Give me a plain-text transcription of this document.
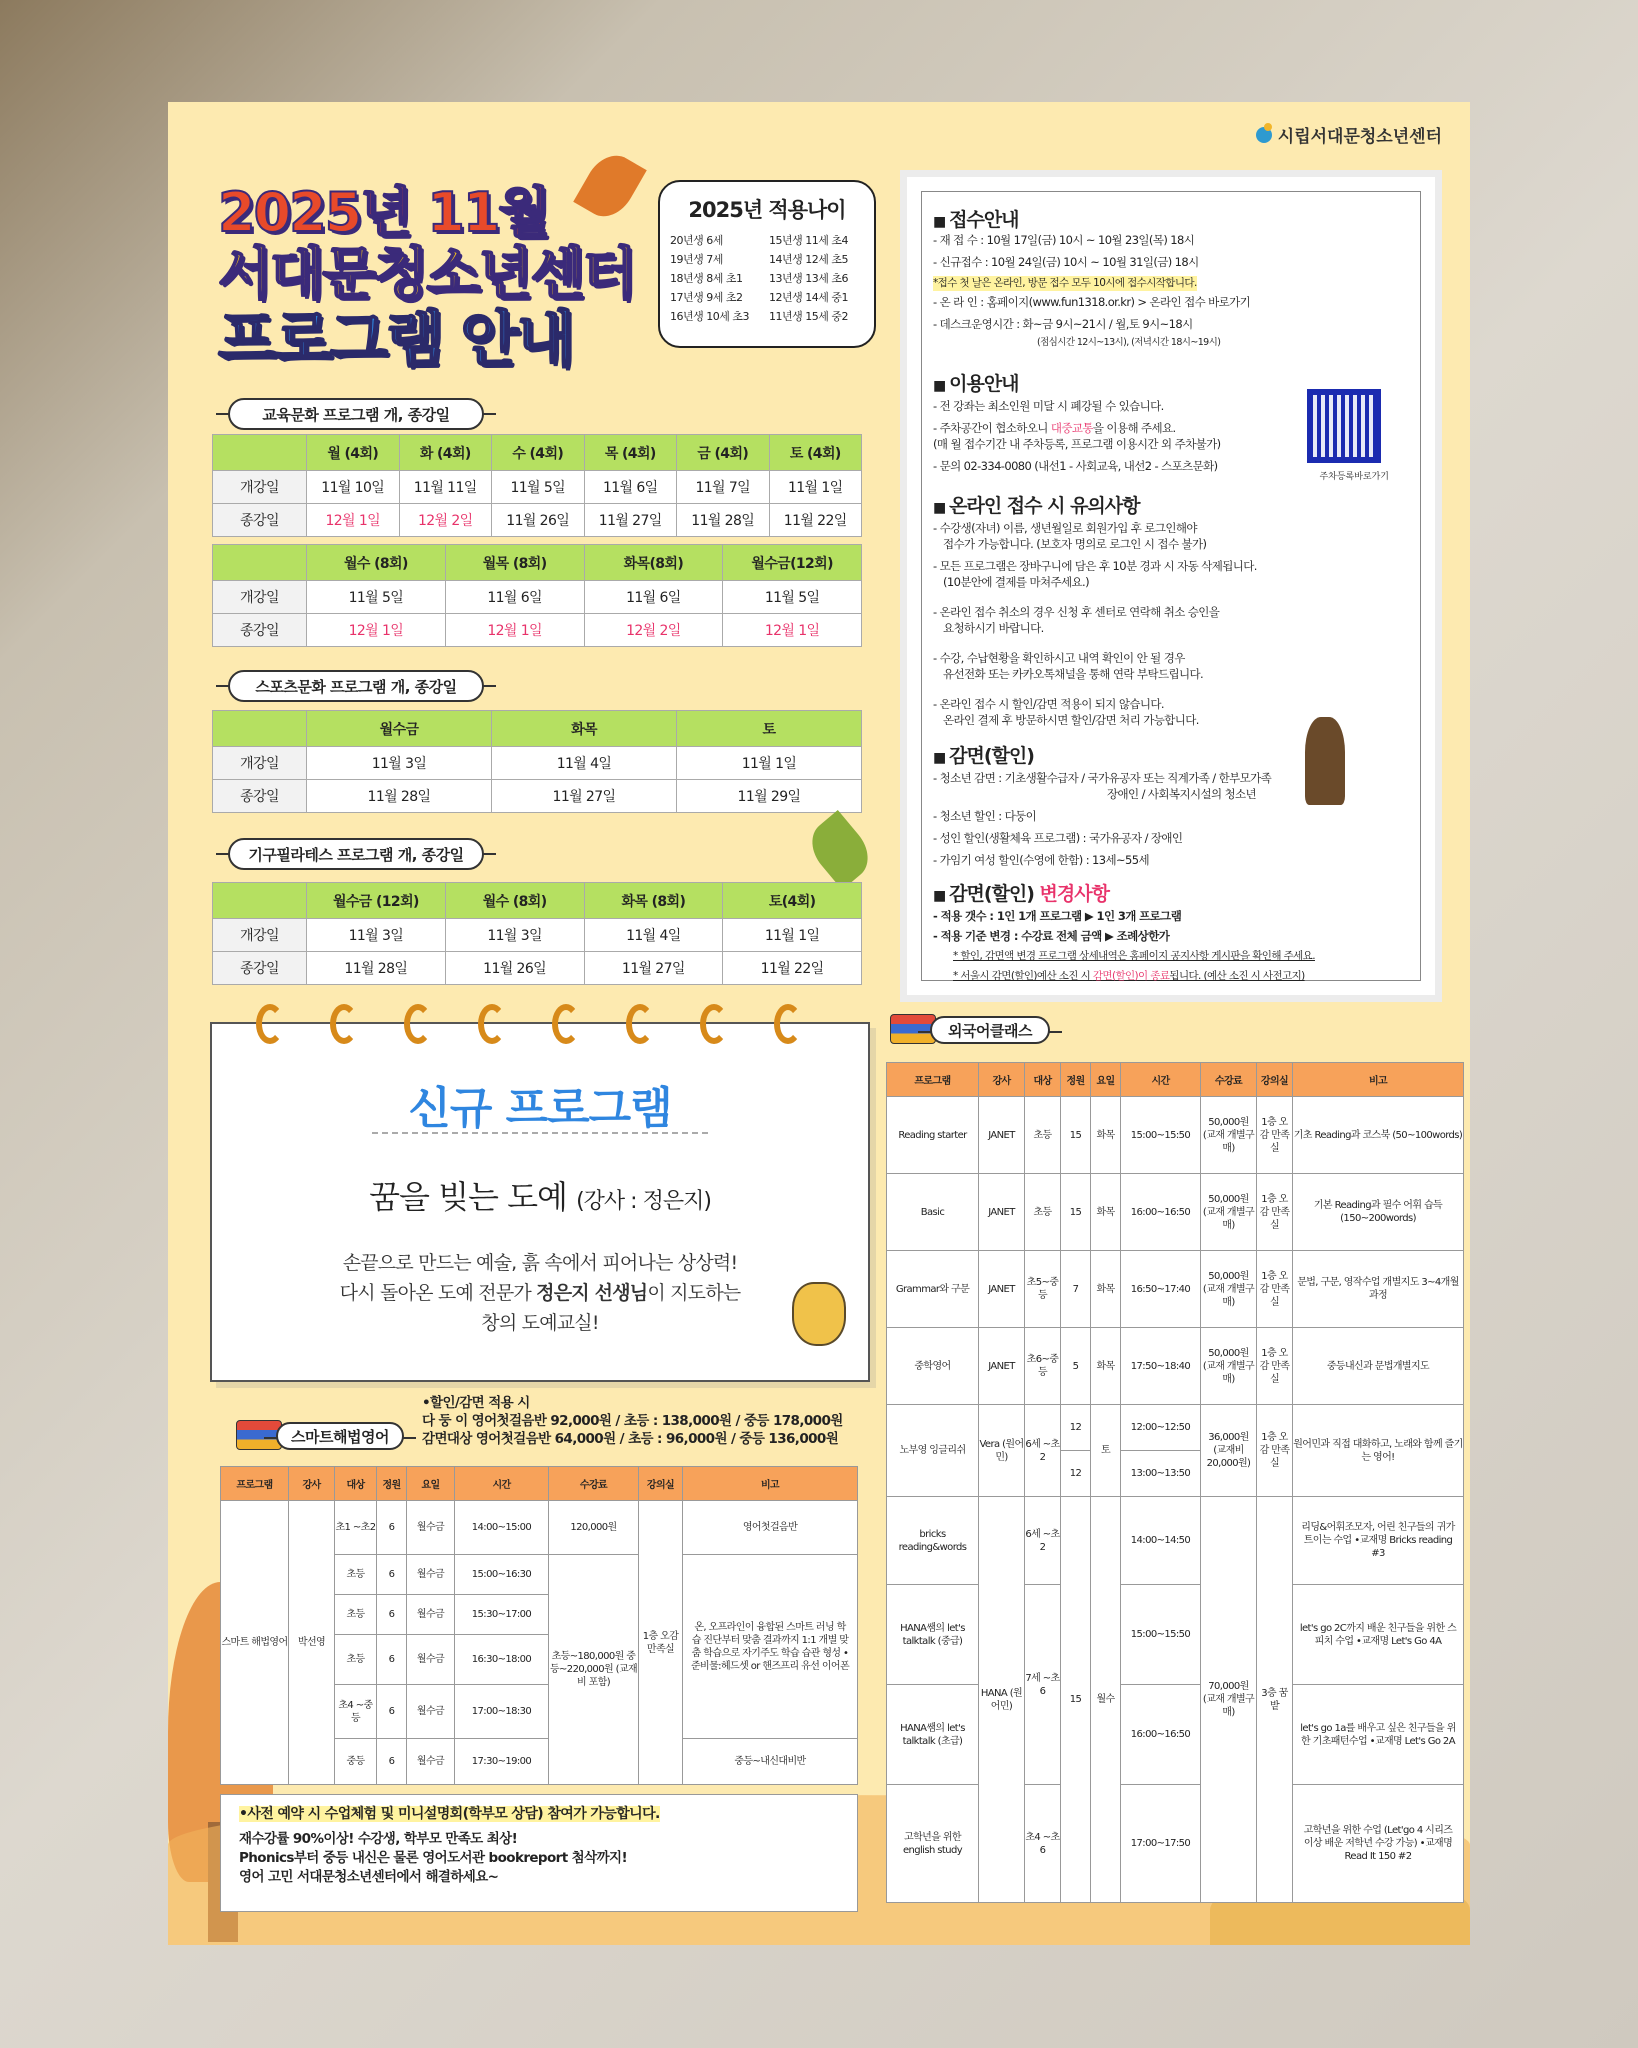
시립서대문청소년센터
2025년 11월
서대문청소년센터
프로그램 안내
2025년 적용나이
20년생 6세	15년생 11세 초4
19년생 7세	14년생 12세 초5
18년생 8세 초1	13년생 13세 초6
17년생 9세 초2	12년생 14세 중1
16년생 10세 초3	11년생 15세 중2
■ 접수안내
- 재 접 수 : 10월 17일(금) 10시 ~ 10월 23일(목) 18시
- 신규접수 : 10월 24일(금) 10시 ~ 10월 31일(금) 18시
*접수 첫 날은 온라인, 방문 접수 모두 10시에 접수시작합니다.
- 온 라 인 : 홈페이지(www.fun1318.or.kr) > 온라인 접수 바로가기
- 데스크운영시간 : 화~금 9시~21시 / 월,토 9시~18시
(점심시간 12시~13시), (저녁시간 18시~19시)
■ 이용안내
- 전 강좌는 최소인원 미달 시 폐강될 수 있습니다.
- 주차공간이 협소하오니 대중교통을 이용해 주세요.
(매 월 접수기간 내 주차등록, 프로그램 이용시간 외 주차불가)
- 문의 02-334-0080 (내선1 - 사회교육, 내선2 - 스포츠문화)
주차등록바로가기
■ 온라인 접수 시 유의사항
- 수강생(자녀) 이름, 생년월일로 회원가입 후 로그인해야
접수가 가능합니다. (보호자 명의로 로그인 시 접수 불가)
- 모든 프로그램은 장바구니에 담은 후 10분 경과 시 자동 삭제됩니다.
(10분안에 결제를 마쳐주세요.)
- 온라인 접수 취소의 경우 신청 후 센터로 연락해 취소 승인을
요청하시기 바랍니다.
- 수강, 수납현황을 확인하시고 내역 확인이 안 될 경우
유선전화 또는 카카오톡채널을 통해 연락 부탁드립니다.
- 온라인 접수 시 할인/감면 적용이 되지 않습니다.
온라인 결제 후 방문하시면 할인/감면 처리 가능합니다.
■ 감면(할인)
- 청소년 감면 : 기초생활수급자 / 국가유공자 또는 직계가족 / 한부모가족
장애인 / 사회복지시설의 청소년
- 청소년 할인 : 다둥이
- 성인 할인(생활체육 프로그램) : 국가유공자 / 장애인
- 가임기 여성 할인(수영에 한함) : 13세~55세
■ 감면(할인) 변경사항
- 적용 갯수 : 1인 1개 프로그램 ▶ 1인 3개 프로그램
- 적용 기준 변경 : 수강료 전체 금액 ▶ 조례상한가
* 할인, 감면액 변경 프로그램 상세내역은 홈페이지 공지사항 게시판을 확인해 주세요.
* 서울시 감면(할인)예산 소진 시 감면(할인)이 종료됩니다. (예산 소진 시 사전고지)
교육문화 프로그램 개, 종강일
	월 (4회)	화 (4회)	수 (4회)	목 (4회)	금 (4회)	토 (4회)
개강일	11월 10일	11월 11일	11월 5일	11월 6일	11월 7일	11월 1일
종강일	12월 1일	12월 2일	11월 26일	11월 27일	11월 28일	11월 22일
	월수 (8회)	월목 (8회)	화목(8회)	월수금(12회)
개강일	11월 5일	11월 6일	11월 6일	11월 5일
종강일	12월 1일	12월 1일	12월 2일	12월 1일
스포츠문화 프로그램 개, 종강일
	월수금	화목	토
개강일	11월 3일	11월 4일	11월 1일
종강일	11월 28일	11월 27일	11월 29일
기구필라테스 프로그램 개, 종강일
	월수금 (12회)	월수 (8회)	화목 (8회)	토(4회)
개강일	11월 3일	11월 3일	11월 4일	11월 1일
종강일	11월 28일	11월 26일	11월 27일	11월 22일
신규 프로그램
꿈을 빚는 도예 (강사 : 정은지)
손끝으로 만드는 예술, 흙 속에서 피어나는 상상력!
다시 돌아온 도예 전문가 정은지 선생님이 지도하는
창의 도예교실!
스마트해법영어
•할인/감면 적용 시
다 둥 이 영어첫걸음반 92,000원 / 초등 : 138,000원 / 중등 178,000원
감면대상 영어첫걸음반 64,000원 / 초등 : 96,000원 / 중등 136,000원
프로그램	강사	대상	정원	요일	시간	수강료	강의실	비고
스마트 해법영어	박선영	초1 ~초2	6	월수금	14:00~15:00	120,000원	1층 오감 만족실	영어첫걸음반
		초등	6	월수금	15:00~16:30	초등~180,000원 중등~220,000원 (교재비 포함)		온, 오프라인이 융합된 스마트 러닝 학습 진단부터 맞춤 결과까지 1:1 개별 맞춤 학습으로 자기주도 학습 습관 형성 •준비물:헤드셋 or 핸즈프리 유선 이어폰
		초등	6	월수금	15:30~17:00			
		초등	6	월수금	16:30~18:00			
		초4 ~중등	6	월수금	17:00~18:30			
		중등	6	월수금	17:30~19:00			중등~내신대비반
•사전 예약 시 수업체험 및 미니설명회(학부모 상담) 참여가 가능합니다.
재수강률 90%이상! 수강생, 학부모 만족도 최상!
Phonics부터 중등 내신은 물론 영어도서관 bookreport 첨삭까지!
영어 고민 서대문청소년센터에서 해결하세요~
외국어클래스
프로그램	강사	대상	정원	요일	시간	수강료	강의실	비고
Reading starter	JANET	초등	15	화목	15:00~15:50	50,000원 (교재 개별구매)	1층 오감 만족실	기초 Reading과 코스북 (50~100words)
Basic	JANET	초등	15	화목	16:00~16:50	50,000원 (교재 개별구매)	1층 오감 만족실	기본 Reading과 필수 어휘 습득 (150~200words)
Grammar와 구문	JANET	초5~중등	7	화목	16:50~17:40	50,000원 (교재 개별구매)	1층 오감 만족실	문법, 구문, 영작수업 개별지도 3~4개월 과정
중학영어	JANET	초6~중등	5	화목	17:50~18:40	50,000원 (교재 개별구매)	1층 오감 만족실	중등내신과 문법개별지도
노부영 잉글리쉬	Vera (원어민)	6세 ~초2	12	토	12:00~12:50	36,000원 (교재비 20,000원)	1층 오감 만족실	원어민과 직접 대화하고, 노래와 함께 즐기는 영어!
			12		13:00~13:50			
bricks reading&words	HANA (원어민)	6세 ~초2	15	월수	14:00~14:50	70,000원 (교재 개별구매)	3층 꿈밭	리딩&어휘조모자, 어린 친구들의 귀가 트이는 수업 •교재명 Bricks reading #3
HANA쌤의 let's talktalk (중급)		7세 ~초6			15:00~15:50			let's go 2C까지 배운 친구들을 위한 스피치 수업 •교재명 Let's Go 4A
HANA쌤의 let's talktalk (초급)					16:00~16:50			let's go 1a를 배우고 싶은 친구들을 위한 기초패턴수업 •교재명 Let's Go 2A
고학년을 위한 english study		초4 ~초6			17:00~17:50			고학년을 위한 수업 (Let'go 4 시리즈 이상 배운 저학년 수강 가능) •교재명 Read It 150 #2
